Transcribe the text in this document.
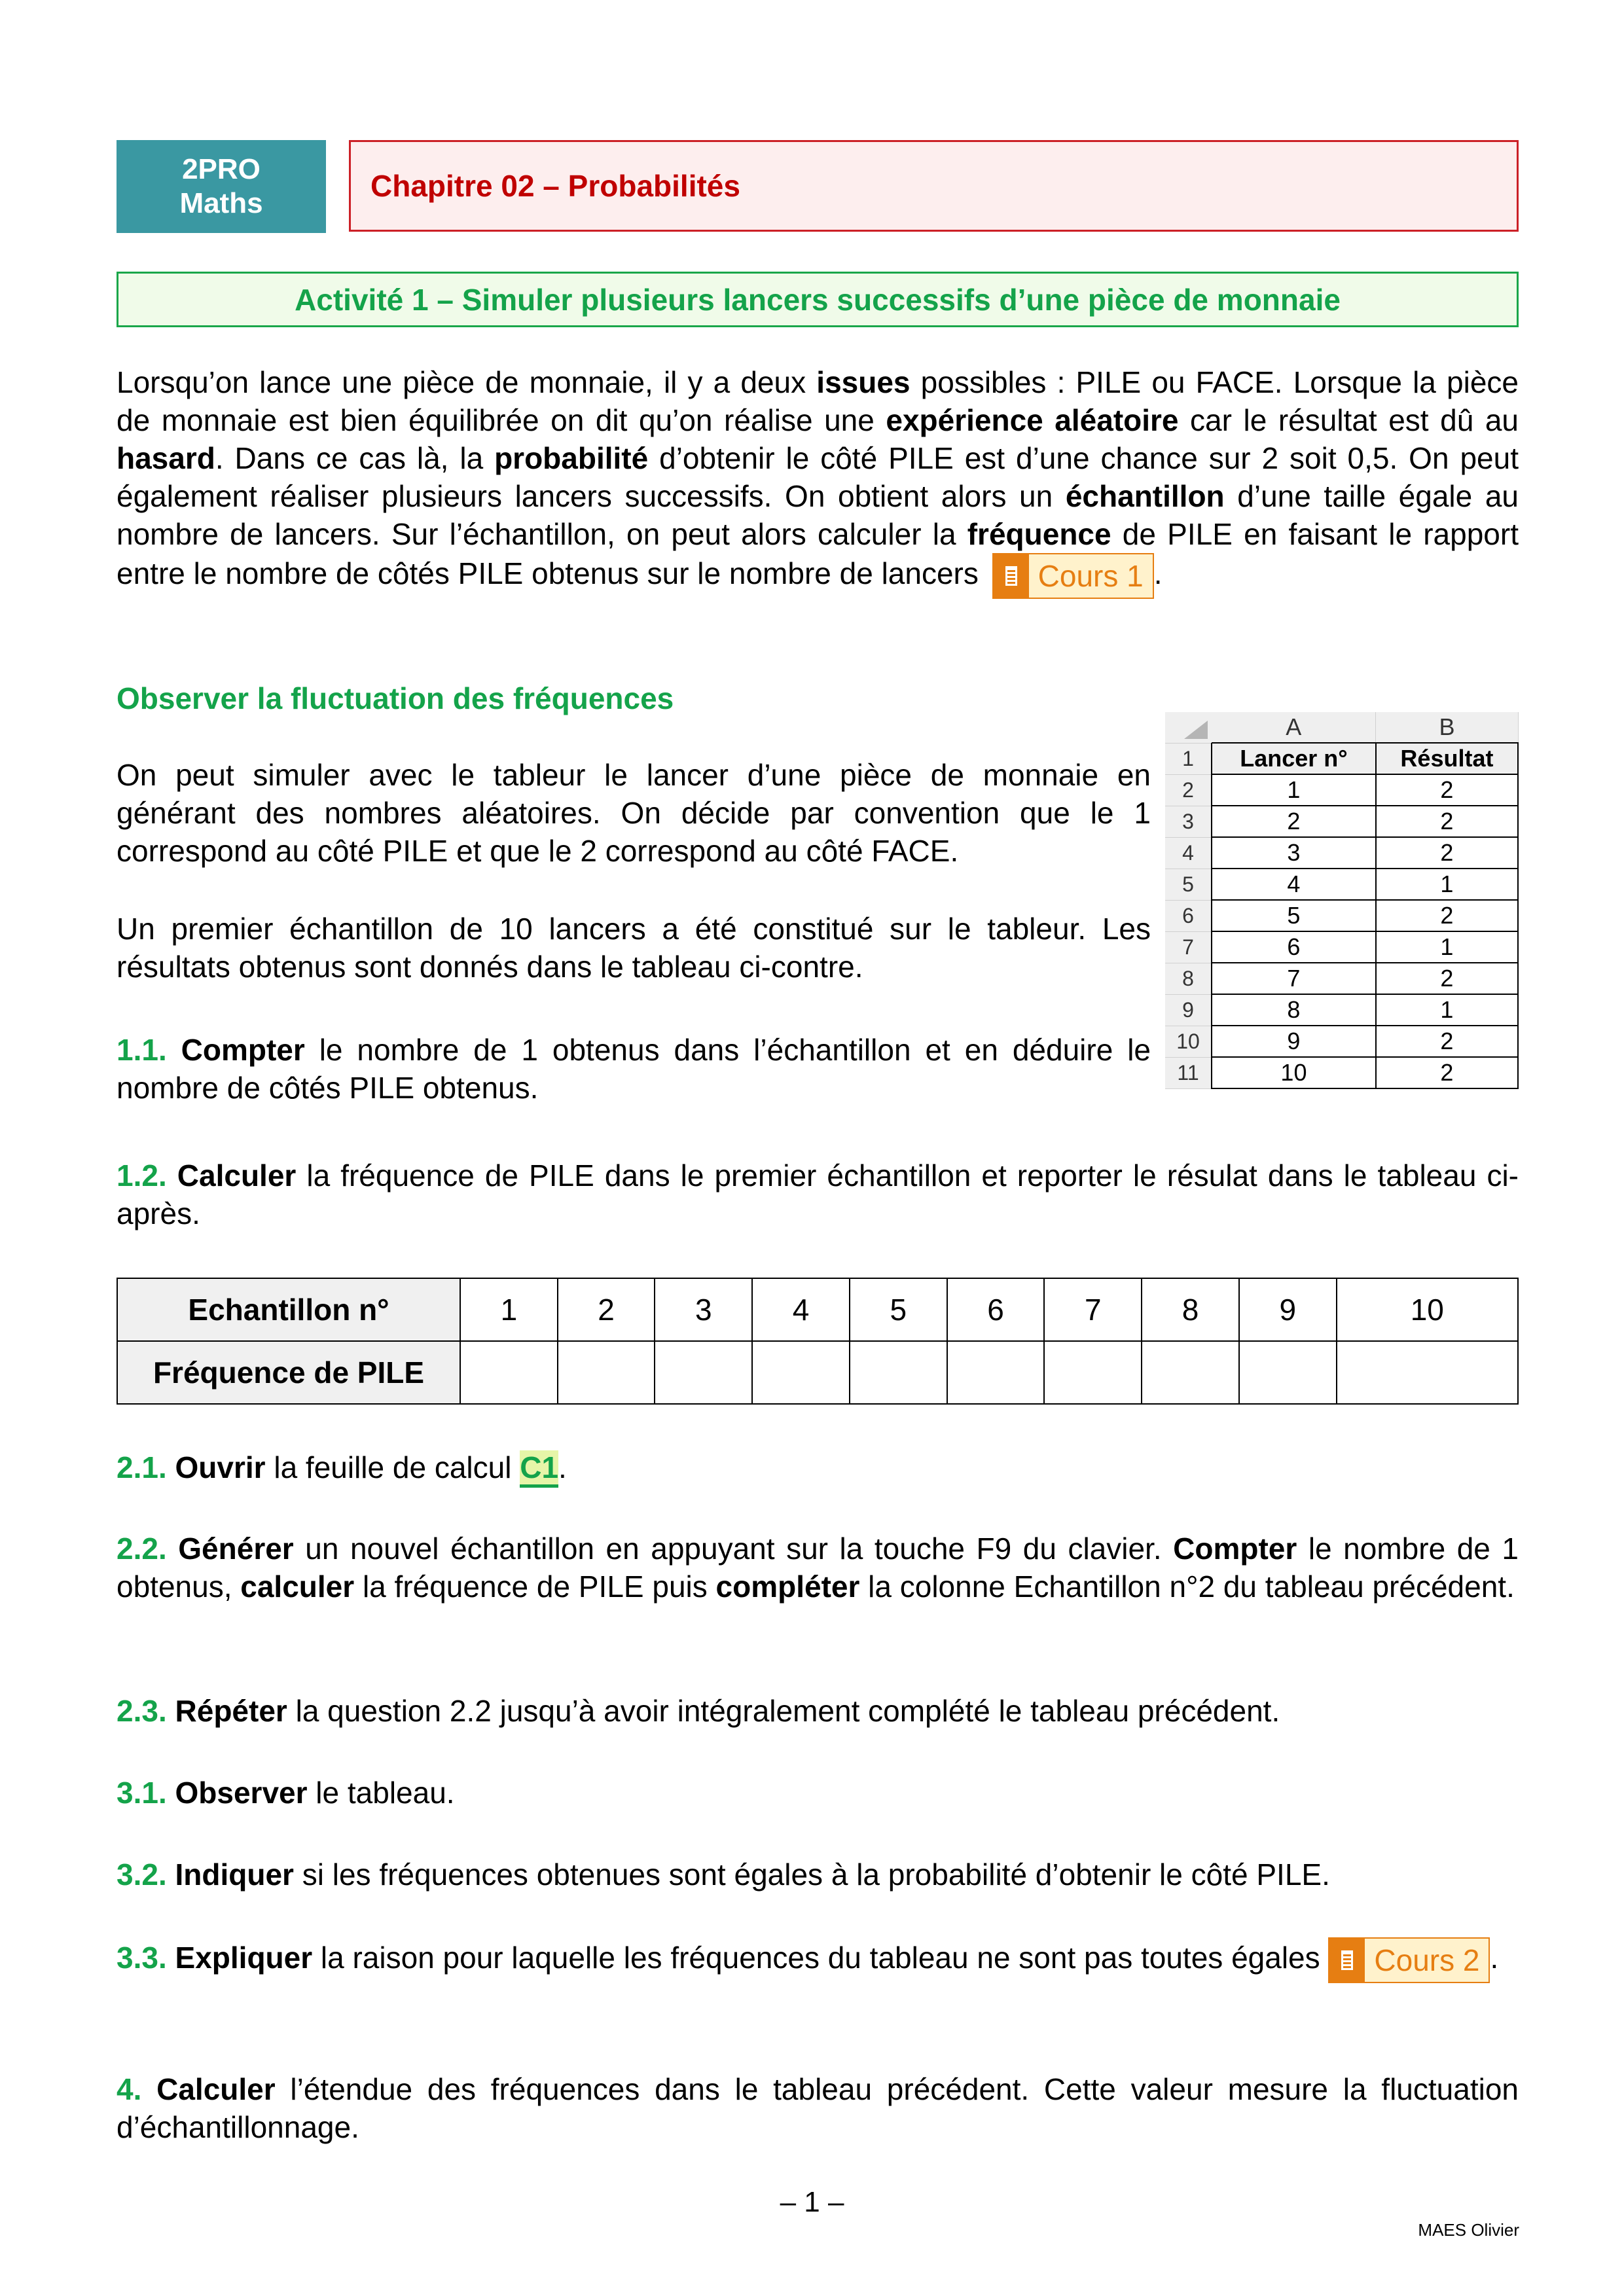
2PRO
Maths
Chapitre 02 – Probabilités
Activité 1 – Simuler plusieurs lancers successifs d’une pièce de monnaie
Lorsqu’on lance une pièce de monnaie, il y a deux issues possibles : PILE ou FACE. Lorsque la pièce de monnaie est bien équilibrée on dit qu’on réalise une expérience aléatoire car le résultat est dû au hasard. Dans ce cas là, la probabilité d’obtenir le côté PILE est d’une chance sur 2 soit 0,5. On peut également réaliser plusieurs lancers successifs. On obtient alors un échantillon d’une taille égale au nombre de lancers. Sur l’échantillon, on peut alors calculer la fréquence de PILE en faisant le rapport entre le nombre de côtés PILE obtenus sur le nombre de lancers	Cours 1 .
Observer la fluctuation des fréquences
On peut simuler avec le tableur le lancer d’une pièce de monnaie en générant des nombres aléatoires. On décide par convention que le 1 correspond au côté PILE et que le 2 correspond au côté FACE.
Un premier échantillon de 10 lancers a été constitué sur le tableur. Les résultats obtenus sont donnés dans le tableau ci-contre.
1.1. Compter le nombre de 1 obtenus dans l’échantillon et en déduire le nombre de côtés PILE obtenus.
	A	B
1	Lancer n°	Résultat
2	1	2
3	2	2
4	3	2
5	4	1
6	5	2
7	6	1
8	7	2
9	8	1
10	9	2
11	10	2
1.2. Calculer la fréquence de PILE dans le premier échantillon et reporter le résulat dans le tableau ci-après.
Echantillon n°	1	2	3	4	5	6	7	8	9	10
Fréquence de PILE										
2.1. Ouvrir la feuille de calcul C1.
2.2. Générer un nouvel échantillon en appuyant sur la touche F9 du clavier. Compter le nombre de 1 obtenus, calculer la fréquence de PILE puis compléter la colonne Echantillon n°2 du tableau précédent.
2.3. Répéter la question 2.2 jusqu’à avoir intégralement complété le tableau précédent.
3.1. Observer le tableau.
3.2. Indiquer si les fréquences obtenues sont égales à la probabilité d’obtenir le côté PILE.
3.3. Expliquer la raison pour laquelle les fréquences du tableau ne sont pas toutes égales	Cours 2 .
4. Calculer l’étendue des fréquences dans le tableau précédent. Cette valeur mesure la fluctuation d’échantillonnage.
– 1 –
MAES Olivier
